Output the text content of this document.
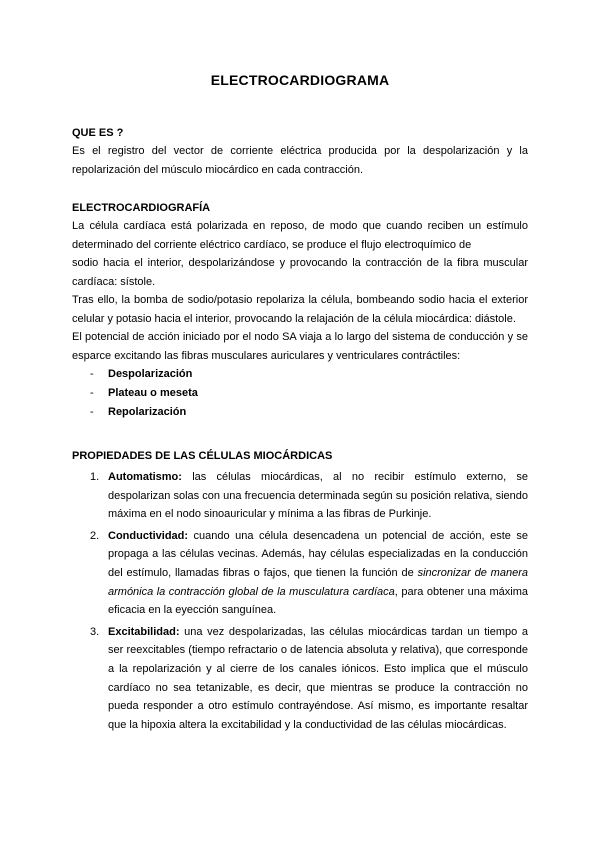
ELECTROCARDIOGRAMA
QUE ES ?
Es el registro del vector de corriente eléctrica producida por la despolarización y la repolarización del músculo miocárdico en cada contracción.
ELECTROCARDIOGRAFÍA
La célula cardíaca está polarizada en reposo, de modo que cuando reciben un estímulo determinado del corriente eléctrico cardíaco, se produce el flujo electroquímico de
sodio hacia el interior, despolarizándose y provocando la contracción de la fibra muscular cardíaca: sístole.
Tras ello, la bomba de sodio/potasio repolariza la célula, bombeando sodio hacia el exterior celular y potasio hacia el interior, provocando la relajación de la célula miocárdica: diástole.
El potencial de acción iniciado por el nodo SA viaja a lo largo del sistema de conducción y se esparce excitando las fibras musculares auriculares y ventriculares contráctiles:
- Despolarización
- Plateau o meseta
- Repolarización
PROPIEDADES DE LAS CÉLULAS MIOCÁRDICAS
1. Automatismo: las células miocárdicas, al no recibir estímulo externo, se despolarizan solas con una frecuencia determinada según su posición relativa, siendo máxima en el nodo sinoauricular y mínima a las fibras de Purkinje.
2. Conductividad: cuando una célula desencadena un potencial de acción, este se propaga a las células vecinas. Además, hay células especializadas en la conducción del estímulo, llamadas fibras o fajos, que tienen la función de sincronizar de manera armónica la contracción global de la musculatura cardíaca, para obtener una máxima eficacia en la eyección sanguínea.
3. Excitabilidad: una vez despolarizadas, las células miocárdicas tardan un tiempo a ser reexcitables (tiempo refractario o de latencia absoluta y relativa), que corresponde a la repolarización y al cierre de los canales iónicos. Esto implica que el músculo cardíaco no sea tetanizable, es decir, que mientras se produce la contracción no pueda responder a otro estímulo contrayéndose. Así mismo, es importante resaltar que la hipoxia altera la excitabilidad y la conductividad de las células miocárdicas.
